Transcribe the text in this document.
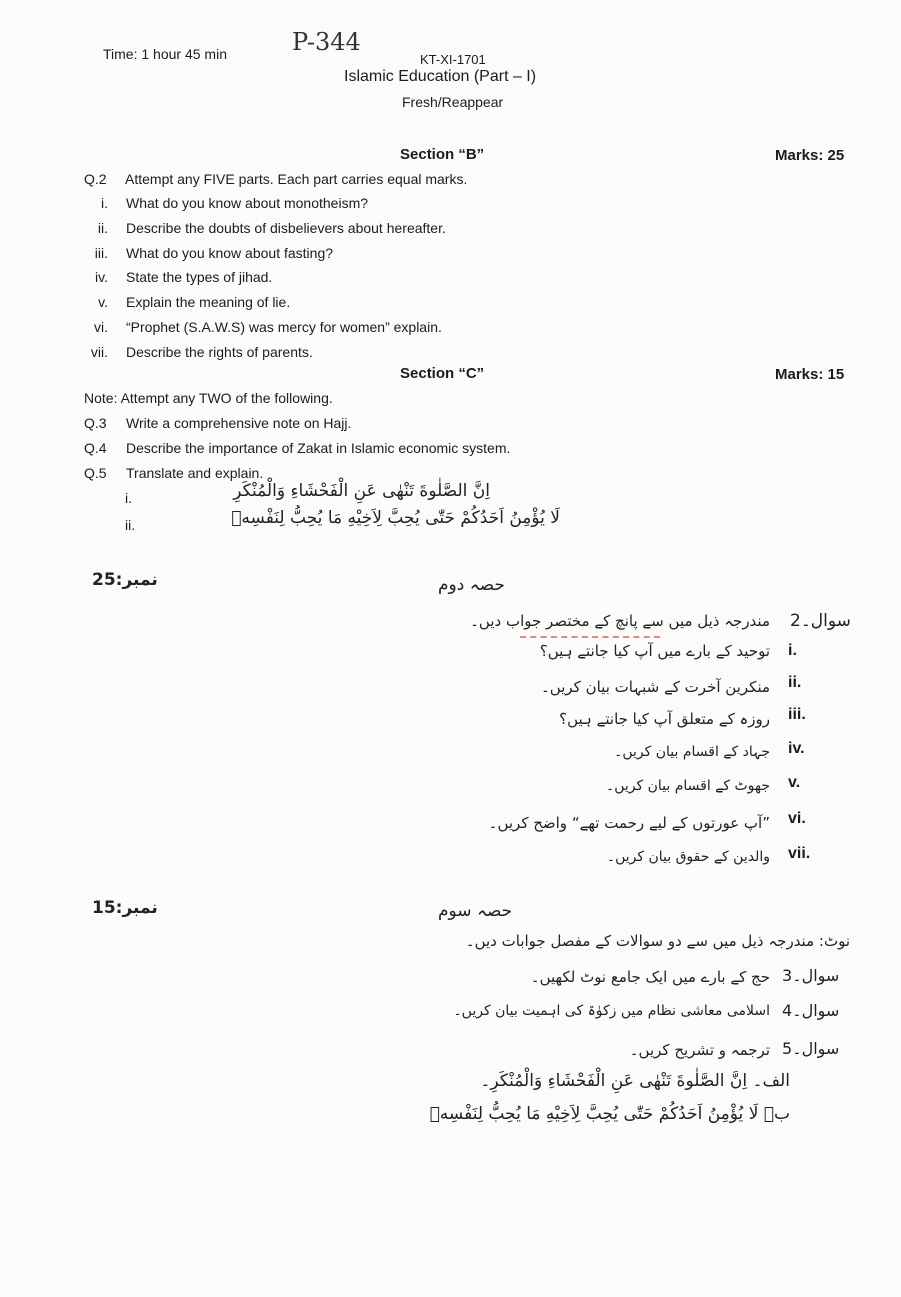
Time: 1 hour 45 min	P-344
KT-XI-1701
Islamic Education (Part – I)
Fresh/Reappear
Section “B”	Marks: 25
Q.2 Attempt any FIVE parts. Each part carries equal marks.
i. What do you know about monotheism?
ii. Describe the doubts of disbelievers about hereafter.
iii. What do you know about fasting?
iv. State the types of jihad.
v. Explain the meaning of lie.
vi. “Prophet (S.A.W.S) was mercy for women” explain.
vii. Describe the rights of parents.
Section “C”	Marks: 15
Note: Attempt any TWO of the following.
Q.3 Write a comprehensive note on Hajj.
Q.4 Describe the importance of Zakat in Islamic economic system.
Q.5 Translate and explain.
i.	اِنَّ الصَّلٰوةَ تَنْهٰى عَنِ الْفَحْشَاءِ وَالْمُنْكَرِ
ii.	لَا يُؤْمِنُ اَحَدُكُمْ حَتّٰى يُحِبَّ لِاَخِيْهِ مَا يُحِبُّ لِنَفْسِهٖ
نمبر:25	حصہ دوم
سوال۔2
مندرجہ ذیل میں سے پانچ کے مختصر جواب دیں۔
i.
توحید کے بارے میں آپ کیا جانتے ہیں؟
ii.
منکرین آخرت کے شبہات بیان کریں۔
iii.
روزہ کے متعلق آپ کیا جانتے ہیں؟
iv.
جہاد کے اقسام بیان کریں۔
v.
جھوٹ کے اقسام بیان کریں۔
vi.
”آپ عورتوں کے لیے رحمت تھے“ واضح کریں۔
vii.
والدین کے حقوق بیان کریں۔
نمبر:15	حصہ سوم
نوٹ: مندرجہ ذیل میں سے دو سوالات کے مفصل جوابات دیں۔
سوال۔3
حج کے بارے میں ایک جامع نوٹ لکھیں۔
سوال۔4
اسلامی معاشی نظام میں زکوٰۃ کی اہمیت بیان کریں۔
سوال۔5
ترجمہ و تشریح کریں۔
الف۔ اِنَّ الصَّلٰوةَ تَنْهٰى عَنِ الْفَحْشَاءِ وَالْمُنْكَرِ۔
ب۔ لَا يُؤْمِنُ اَحَدُكُمْ حَتّٰى يُحِبَّ لِاَخِيْهِ مَا يُحِبُّ لِنَفْسِهٖ
